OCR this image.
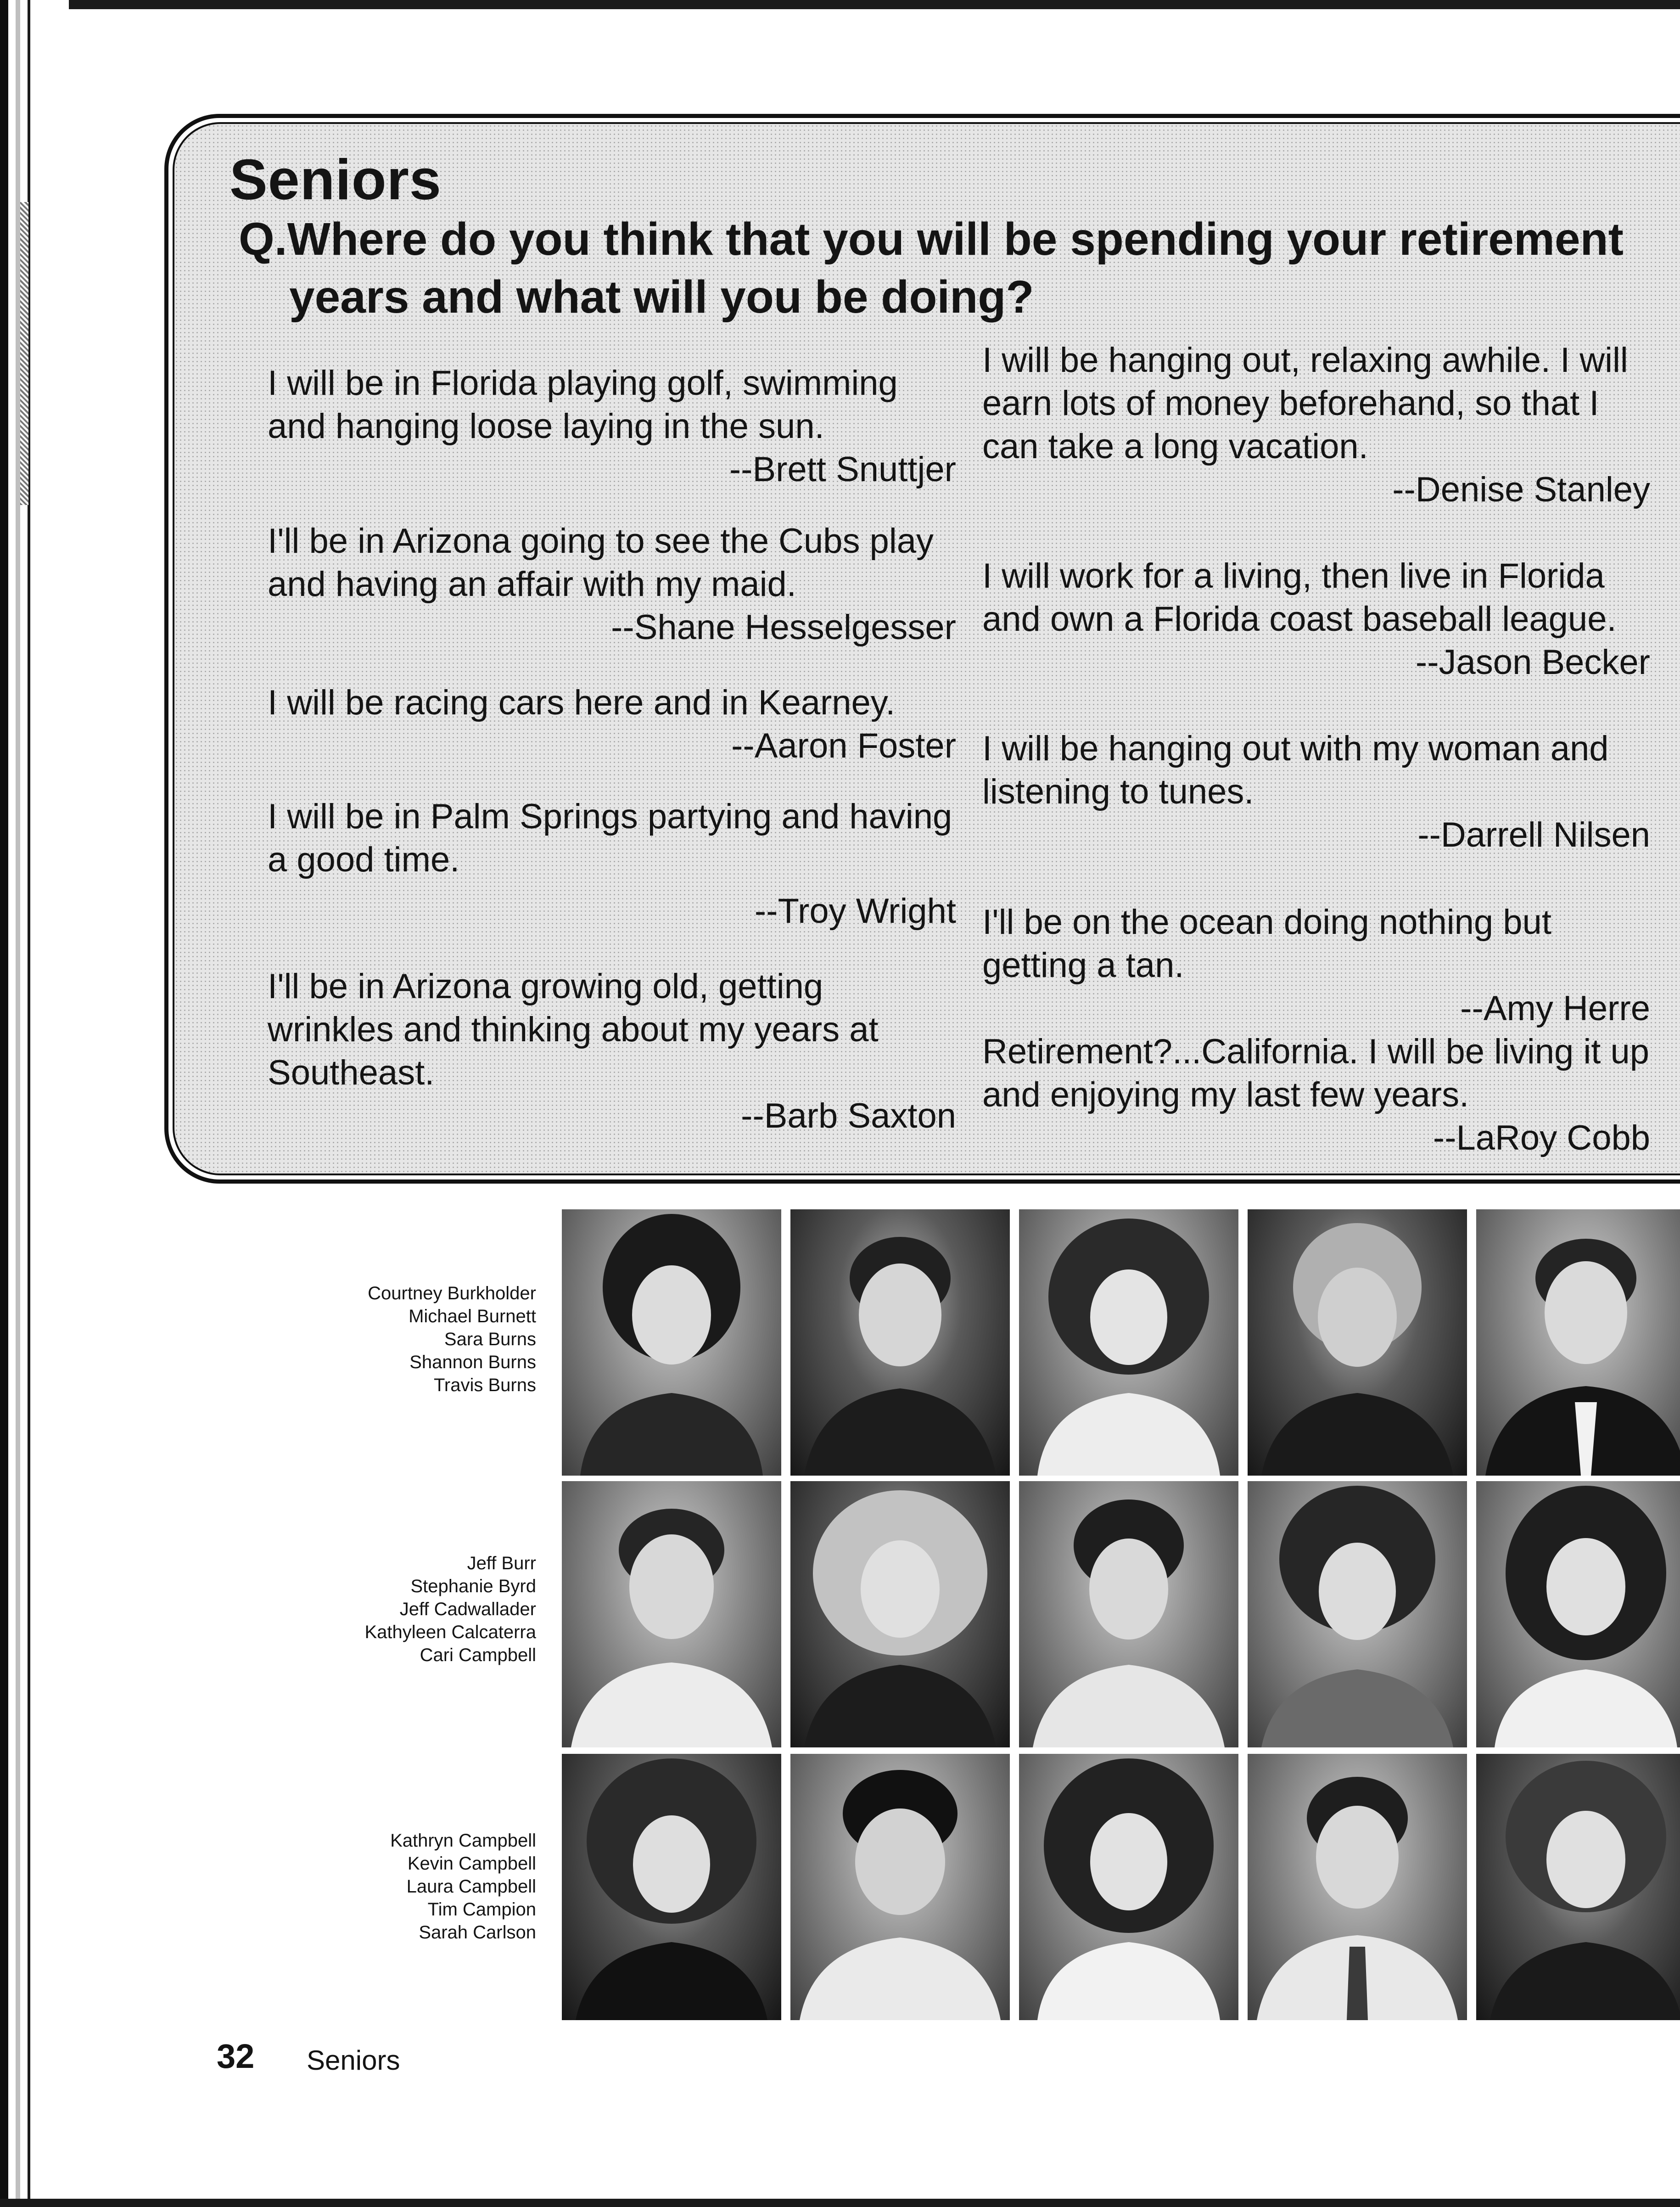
Seniors
Q.Where do you think that you will be spending your retirement years and what will you be doing?

I will be in Florida playing golf, swimming and hanging loose laying in the sun.

--Brett Snuttjer

I'll be in Arizona going to see the Cubs play and having an affair with my maid.

--Shane Hesselgesser

I will be racing cars here and in Kearney.

--Aaron Foster

I will be in Palm Springs partying and having a good time.

--Troy Wright

I'll be in Arizona growing old, getting wrinkles and thinking about my years at Southeast.

--Barb Saxton

I will be hanging out, relaxing awhile. I will earn lots of money beforehand, so that I can take a long vacation.

--Denise Stanley

I will work for a living, then live in Florida and own a Florida coast baseball league.

--Jason Becker

I will be hanging out with my woman and listening to tunes.

--Darrell Nilsen

I'll be on the ocean doing nothing but getting a tan.

--Amy Herre

Retirement?...California. I will be living it up and enjoying my last few years.

--LaRoy Cobb

Courtney Burkholder
Michael Burnett
Sara Burns
Shannon Burns
Travis Burns
Jeff Burr
Stephanie Byrd
Jeff Cadwallader
Kathyleen Calcaterra
Cari Campbell
Kathryn Campbell
Kevin Campbell
Laura Campbell
Tim Campion
Sarah Carlson
32 Seniors
